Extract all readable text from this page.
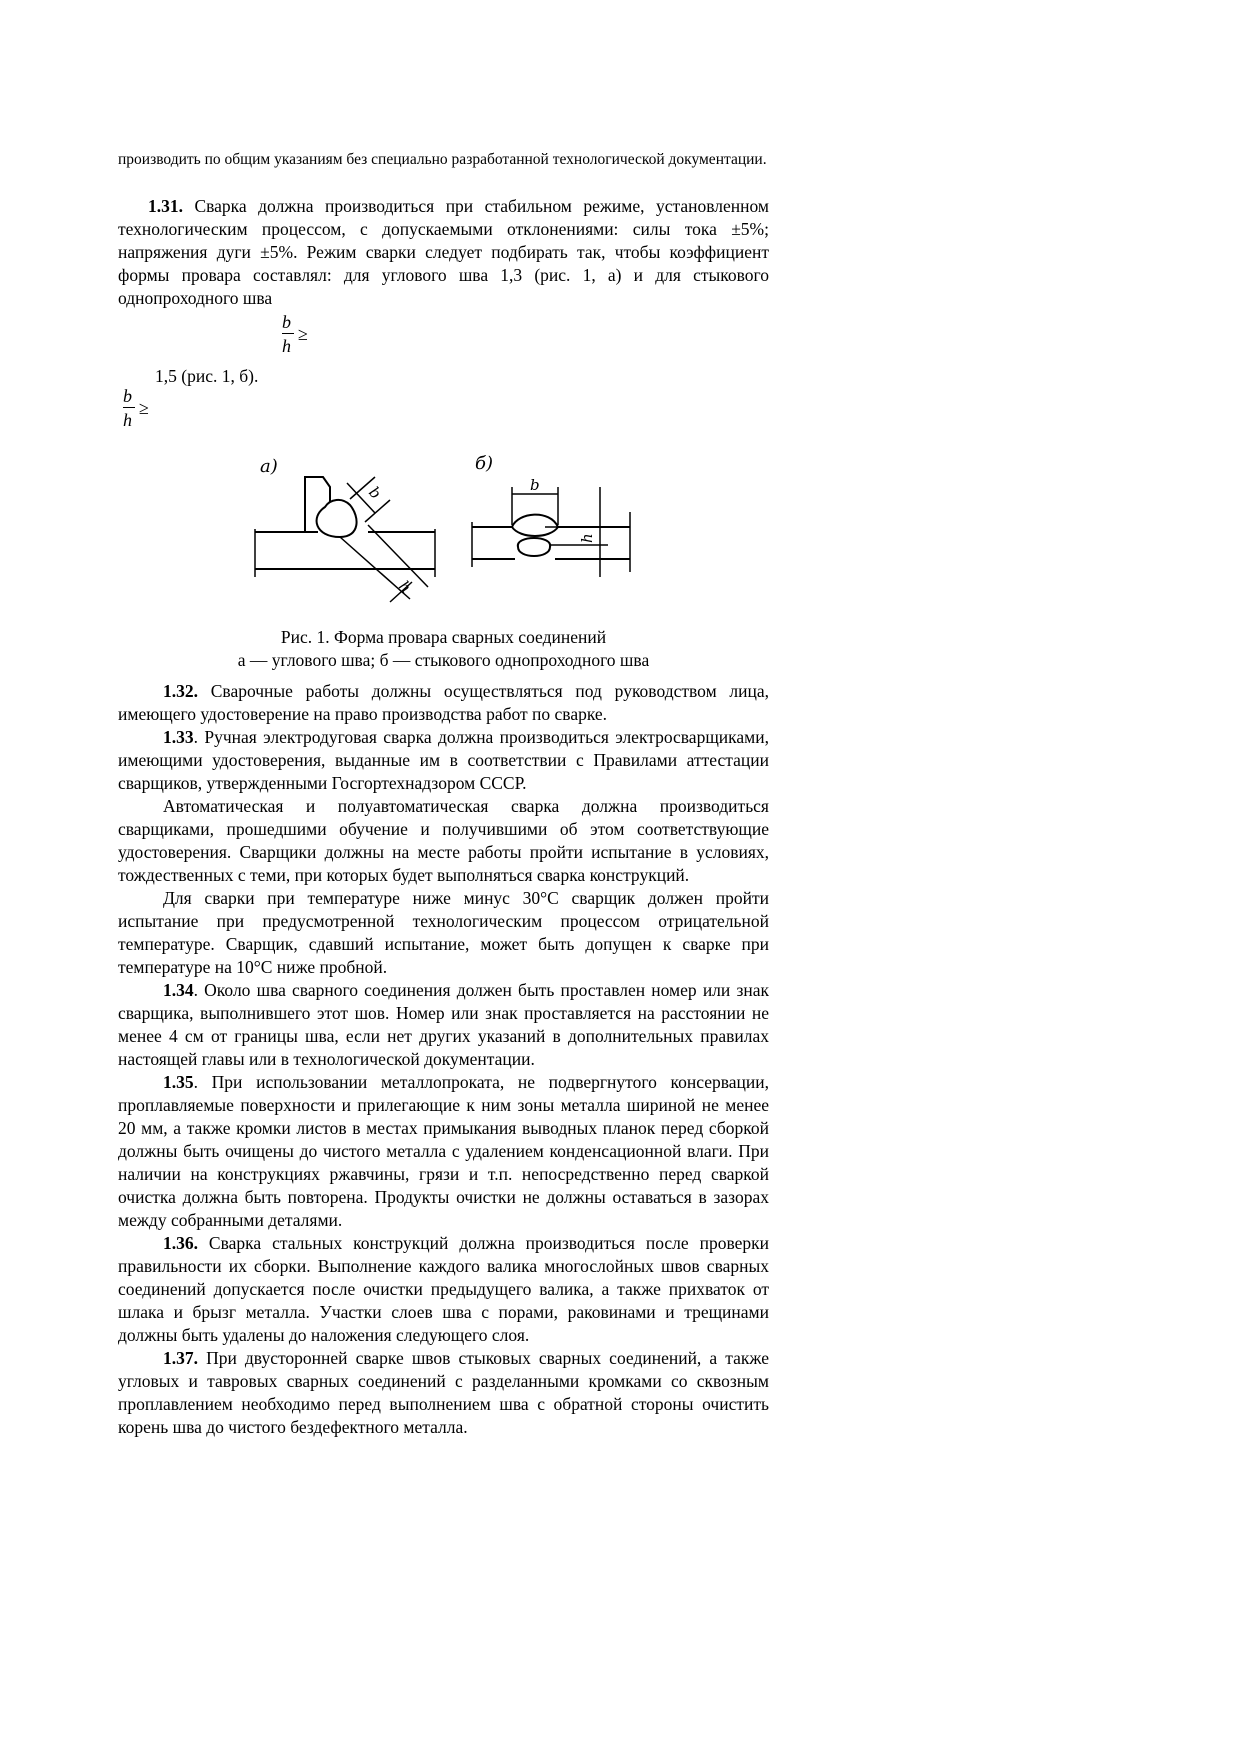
производить по общим указаниям без специально разработанной технологической документации.

1.31. Сварка должна производиться при стабильном режиме, установленном технологическим процессом, с допускаемыми отклонениями: силы тока ±5%; напряжения дуги ±5%. Режим сварки следует подбирать так, чтобы коэффициент формы провара составлял: для углового шва 1,3 (рис. 1, а) и для стыкового однопроходного шва

b
h
≥

1,5 (рис. 1, б).

b
h
≥
а)
b
h
б)
b
h
Рис. 1. Форма провара сварных соединений
а — углового шва; б — стыкового однопроходного шва

1.32. Сварочные работы должны осуществляться под руководством лица, имеющего удостоверение на право производства работ по сварке.

1.33. Ручная электродуговая сварка должна производиться электросварщиками, имеющими удостоверения, выданные им в соответствии с Правилами аттестации сварщиков, утвержденными Госгортехнадзором СССР.

Автоматическая и полуавтоматическая сварка должна производиться сварщиками, прошедшими обучение и получившими об этом соответствующие удостоверения. Сварщики должны на месте работы пройти испытание в условиях, тождественных с теми, при которых будет выполняться сварка конструкций.

Для сварки при температуре ниже минус 30°С сварщик должен пройти испытание при предусмотренной технологическим процессом отрицательной температуре. Сварщик, сдавший испытание, может быть допущен к сварке при температуре на 10°С ниже пробной.

1.34. Около шва сварного соединения должен быть проставлен номер или знак сварщика, выполнившего этот шов. Номер или знак проставляется на расстоянии не менее 4 см от границы шва, если нет других указаний в дополнительных правилах настоящей главы или в технологической документации.

1.35. При использовании металлопроката, не подвергнутого консервации, проплавляемые поверхности и прилегающие к ним зоны металла шириной не менее 20 мм, а также кромки листов в местах примыкания выводных планок перед сборкой должны быть очищены до чистого металла с удалением конденсационной влаги. При наличии на конструкциях ржавчины, грязи и т.п. непосредственно перед сваркой очистка должна быть повторена. Продукты очистки не должны оставаться в зазорах между собранными деталями.

1.36. Сварка стальных конструкций должна производиться после проверки правильности их сборки. Выполнение каждого валика многослойных швов сварных соединений допускается после очистки предыдущего валика, а также прихваток от шлака и брызг металла. Участки слоев шва с порами, раковинами и трещинами должны быть удалены до наложения следующего слоя.

1.37. При двусторонней сварке швов стыковых сварных соединений, а также угловых и тавровых сварных соединений с разделанными кромками со сквозным проплавлением необходимо перед выполнением шва с обратной стороны очистить корень шва до чистого бездефектного металла.
